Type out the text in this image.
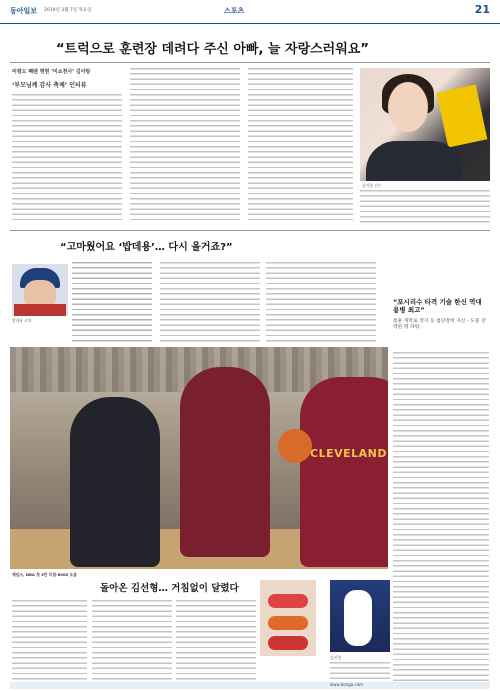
동아일보 2019년 3월 7일 목요일	스포츠	21
“트럭으로 훈련장 데려다 주신 아빠, 늘 자랑스러워요”
미컬도 폐렌 명현 ‘미쇼천사’ 김아랑
‘부모님께 감사 축제’ 인터뷰
김아랑 선수
“고마웠어요 ‘밥데용’… 다시 올거죠?”
밥데용 코치
“포시리수 타격 기술 한신 역대 용병 최고”
통훈 개막로 정지 등 첨단장비 자신 - 도중 강력한 명 파워
CLEVELAND
제임스, NBA 첫 3만 득점-8000 도움
돌아온 김선형… 거침없이 달렸다
김선형
www.donga.com
